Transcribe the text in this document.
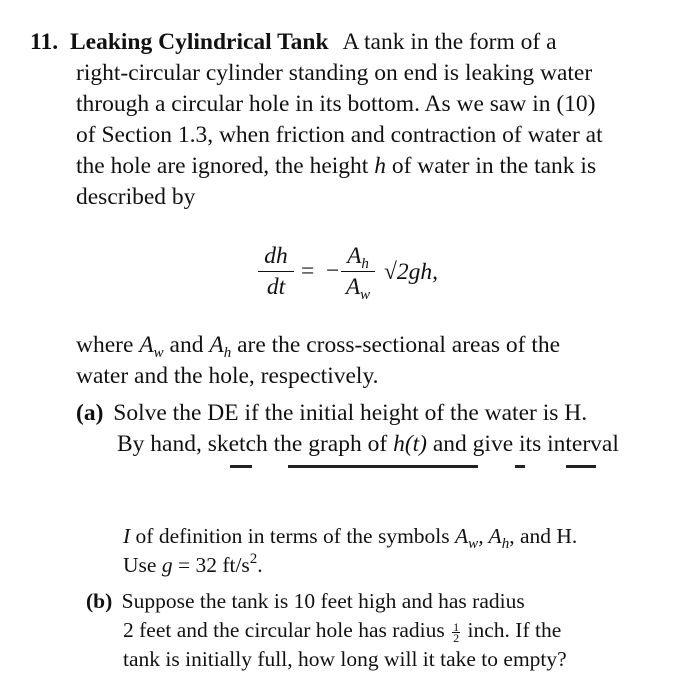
11. Leaking Cylindrical Tank A tank in the form of a
right-circular cylinder standing on end is leaking water
through a circular hole in its bottom. As we saw in (10)
of Section 1.3, when friction and contraction of water at
the hole are ignored, the height h of water in the tank is
described by
dh
dt
= −
$A_h$
$A_w$
√2gh,
where $A_w$ and $A_h$ are the cross-sectional areas of the
water and the hole, respectively.
(a) Solve the DE if the initial height of the water is H.
By hand, sketch the graph of h(t) and give its interval
I of definition in terms of the symbols $A_w$, $A_h$, and H.
Use g = 32 $ft/s^2$.
(b) Suppose the tank is 10 feet high and has radius
2 feet and the circular hole has radius $\frac{1}{2}$ inch. If the
tank is initially full, how long will it take to empty?
